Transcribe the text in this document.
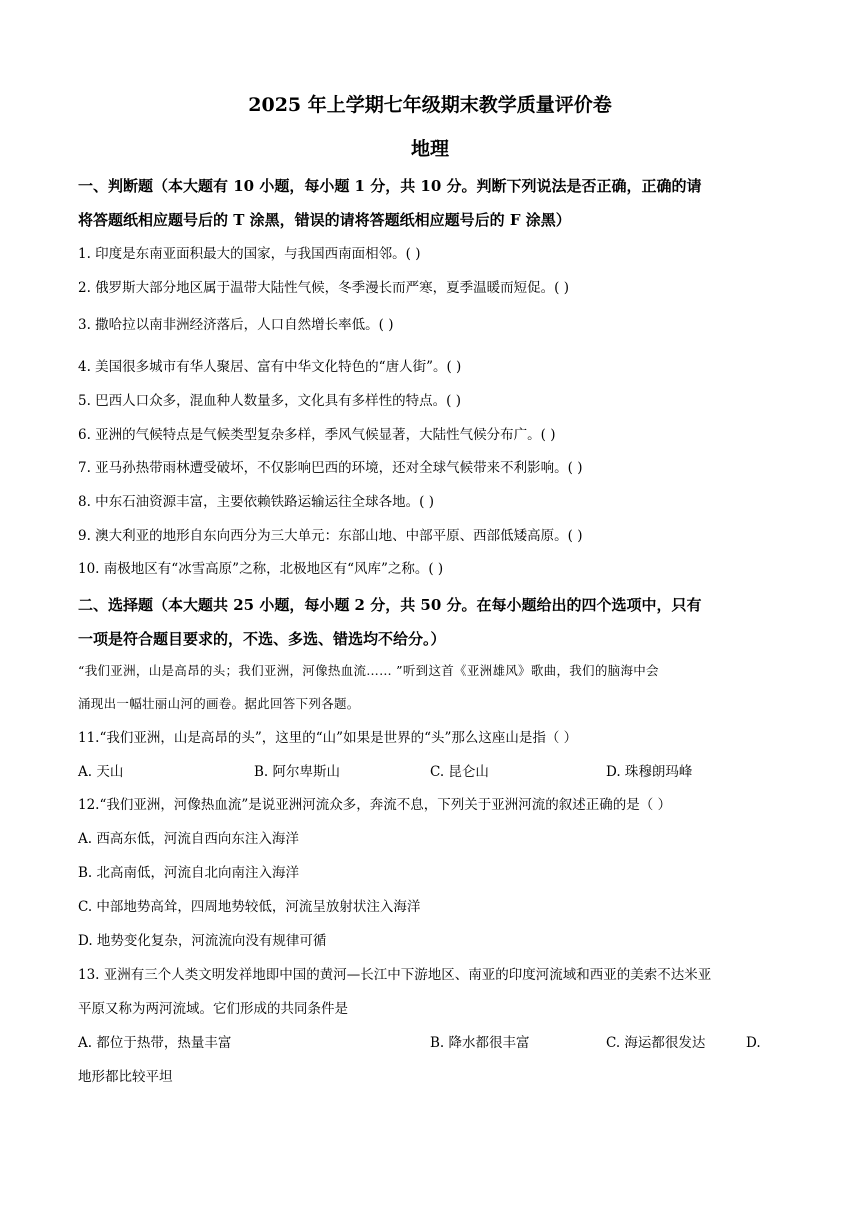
2025 年上学期七年级期末教学质量评价卷
地理
一、判断题（本大题有 10 小题，每小题 1 分，共 10 分。判断下列说法是否正确，正确的请
将答题纸相应题号后的 T 涂黑，错误的请将答题纸相应题号后的 F 涂黑）
1. 印度是东南亚面积最大的国家，与我国西南面相邻。( )
2. 俄罗斯大部分地区属于温带大陆性气候，冬季漫长而严寒，夏季温暖而短促。( )
3. 撒哈拉以南非洲经济落后，人口自然增长率低。( )
4. 美国很多城市有华人聚居、富有中华文化特色的“唐人街”。( )
5. 巴西人口众多，混血种人数量多，文化具有多样性的特点。( )
6. 亚洲的气候特点是气候类型复杂多样，季风气候显著，大陆性气候分布广。( )
7. 亚马孙热带雨林遭受破坏，不仅影响巴西的环境，还对全球气候带来不利影响。( )
8. 中东石油资源丰富，主要依赖铁路运输运往全球各地。( )
9. 澳大利亚的地形自东向西分为三大单元：东部山地、中部平原、西部低矮高原。( )
10. 南极地区有“冰雪高原”之称，北极地区有“风库”之称。( )
二、选择题（本大题共 25 小题，每小题 2 分，共 50 分。在每小题给出的四个选项中，只有
一项是符合题目要求的，不选、多选、错选均不给分。）
“我们亚洲，山是高昂的头；我们亚洲，河像热血流…… ”听到这首《亚洲雄风》歌曲，我们的脑海中会
涌现出一幅壮丽山河的画卷。据此回答下列各题。
11.“我们亚洲，山是高昂的头”，这里的“山”如果是世界的“头”那么这座山是指（ ）
A. 天山	B. 阿尔卑斯山	C. 昆仑山	D. 珠穆朗玛峰
12.“我们亚洲，河像热血流”是说亚洲河流众多，奔流不息，下列关于亚洲河流的叙述正确的是（ ）
A. 西高东低，河流自西向东注入海洋
B. 北高南低，河流自北向南注入海洋
C. 中部地势高耸，四周地势较低，河流呈放射状注入海洋
D. 地势变化复杂，河流流向没有规律可循
13. 亚洲有三个人类文明发祥地即中国的黄河—长江中下游地区、南亚的印度河流域和西亚的美索不达米亚
平原又称为两河流域。它们形成的共同条件是
A. 都位于热带，热量丰富	B. 降水都很丰富	C. 海运都很发达	D.
地形都比较平坦
